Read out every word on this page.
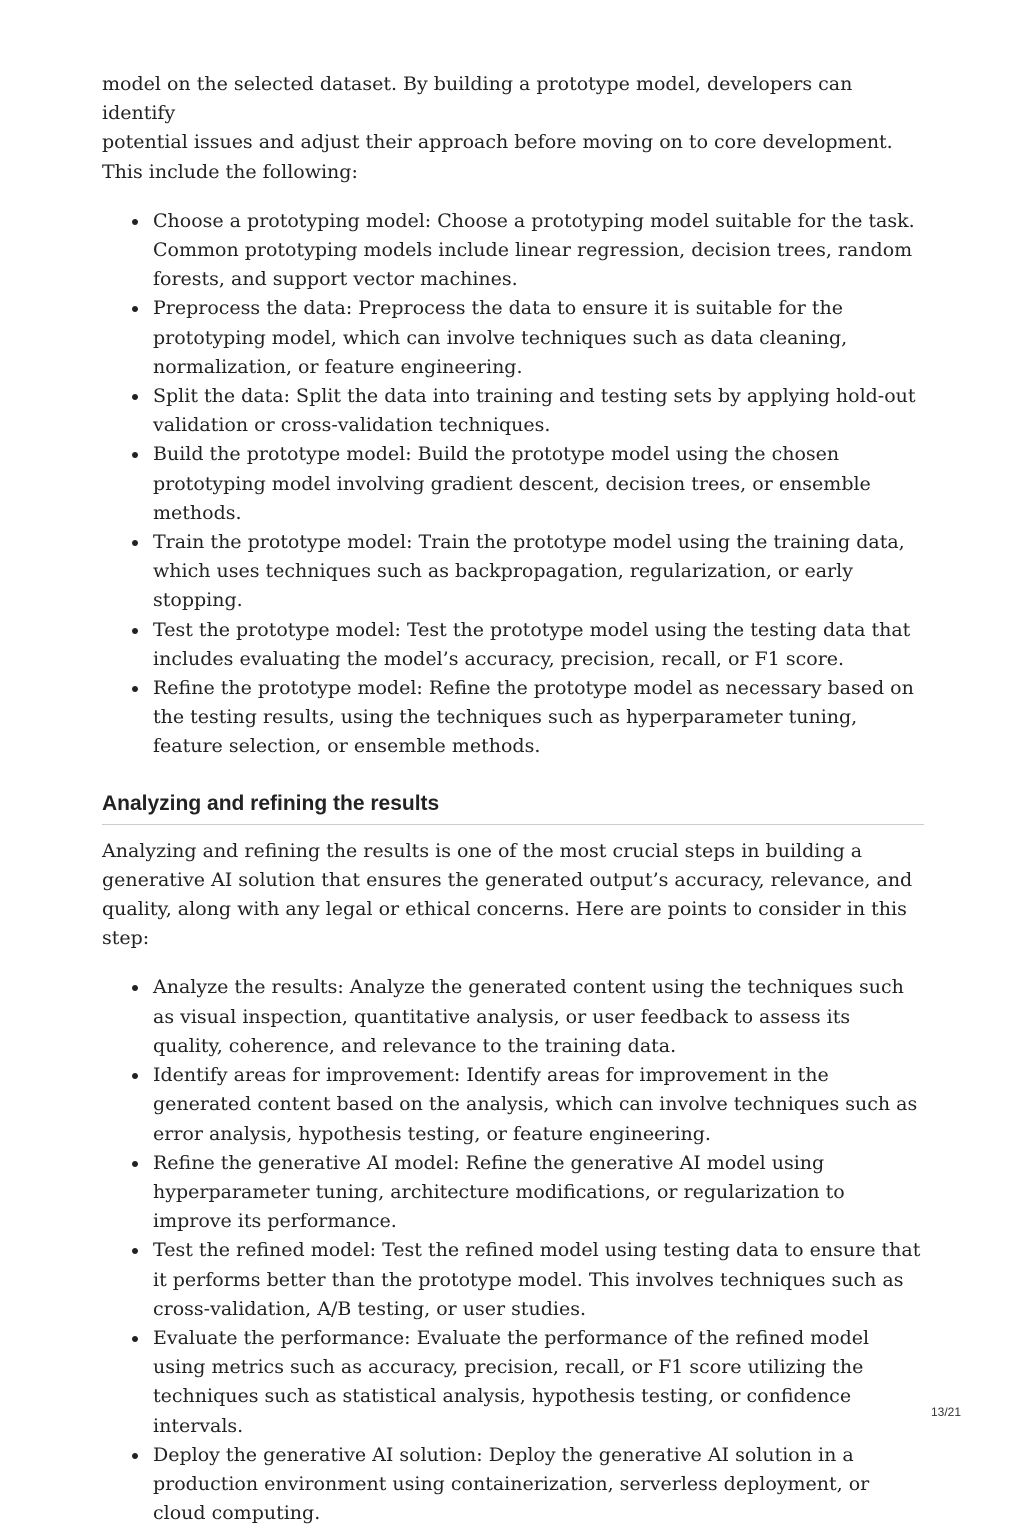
model on the selected dataset. By building a prototype model, developers can identify
potential issues and adjust their approach before moving on to core development.
This include the following:

Choose a prototyping model: Choose a prototyping model suitable for the task. Common prototyping models include linear regression, decision trees, random forests, and support vector machines.
Preprocess the data: Preprocess the data to ensure it is suitable for the prototyping model, which can involve techniques such as data cleaning, normalization, or feature engineering.
Split the data: Split the data into training and testing sets by applying hold-out validation or cross-validation techniques.
Build the prototype model: Build the prototype model using the chosen prototyping model involving gradient descent, decision trees, or ensemble methods.
Train the prototype model: Train the prototype model using the training data, which uses techniques such as backpropagation, regularization, or early stopping.
Test the prototype model: Test the prototype model using the testing data that includes evaluating the model’s accuracy, precision, recall, or F1 score.
Refine the prototype model: Refine the prototype model as necessary based on the testing results, using the techniques such as hyperparameter tuning, feature selection, or ensemble methods.
Analyzing and refining the results

Analyzing and refining the results is one of the most crucial steps in building a generative AI solution that ensures the generated output’s accuracy, relevance, and quality, along with any legal or ethical concerns. Here are points to consider in this step:

Analyze the results: Analyze the generated content using the techniques such as visual inspection, quantitative analysis, or user feedback to assess its quality, coherence, and relevance to the training data.
Identify areas for improvement: Identify areas for improvement in the generated content based on the analysis, which can involve techniques such as error analysis, hypothesis testing, or feature engineering.
Refine the generative AI model: Refine the generative AI model using hyperparameter tuning, architecture modifications, or regularization to improve its performance.
Test the refined model: Test the refined model using testing data to ensure that it performs better than the prototype model. This involves techniques such as cross-validation, A/B testing, or user studies.
Evaluate the performance: Evaluate the performance of the refined model using metrics such as accuracy, precision, recall, or F1 score utilizing the techniques such as statistical analysis, hypothesis testing, or confidence intervals.
Deploy the generative AI solution: Deploy the generative AI solution in a production environment using containerization, serverless deployment, or cloud computing.
13/21
